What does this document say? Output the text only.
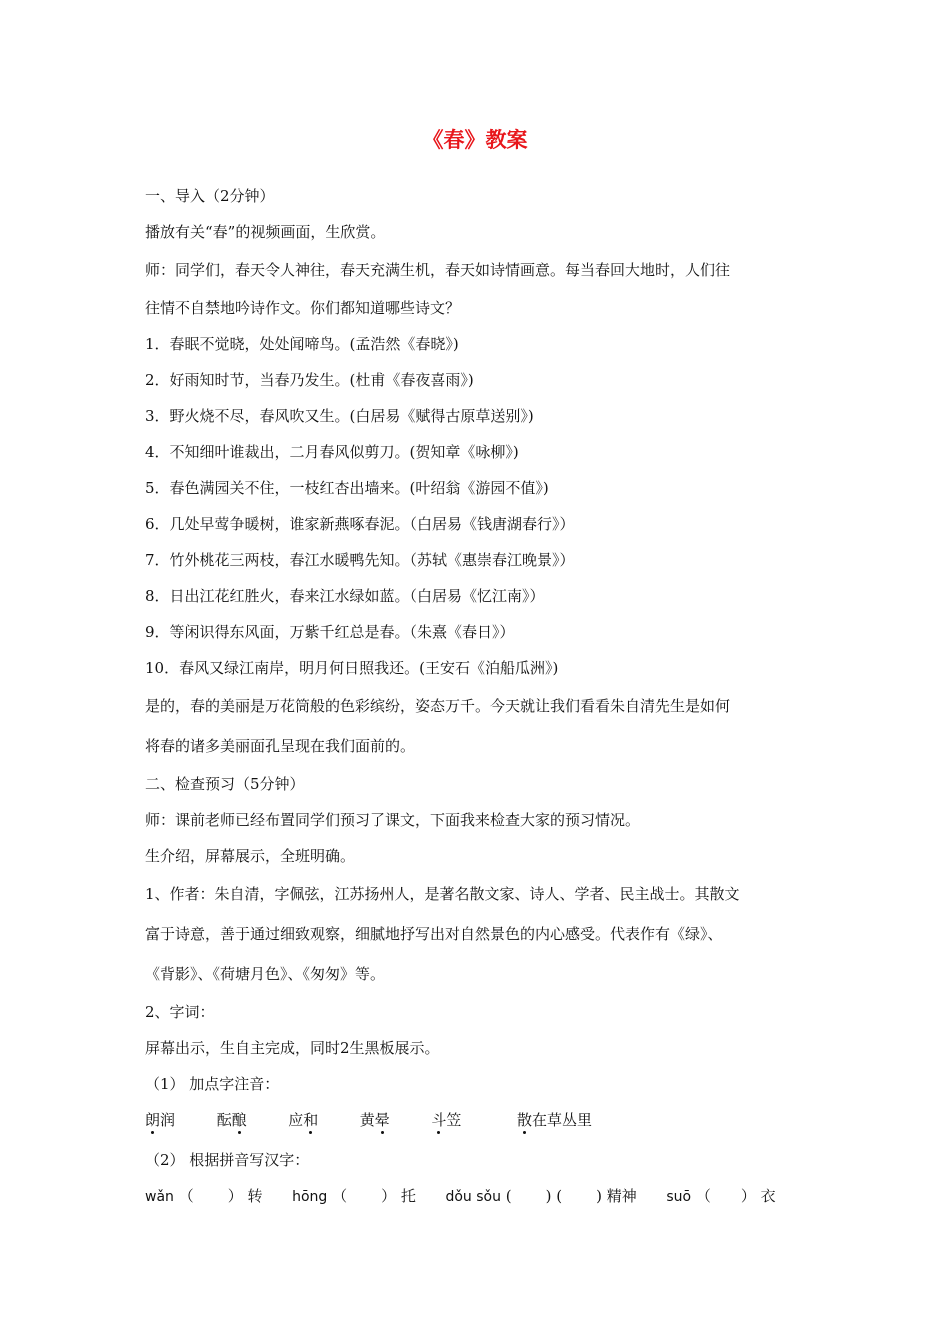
《春》教案
一、导入（2分钟）
播放有关“春”的视频画面，生欣赏。
师：同学们，春天令人神往，春天充满生机，春天如诗情画意。每当春回大地时，人们往
往情不自禁地吟诗作文。你们都知道哪些诗文？
1．春眠不觉晓，处处闻啼鸟。(孟浩然《春晓》)
2．好雨知时节，当春乃发生。(杜甫《春夜喜雨》)
3．野火烧不尽，春风吹又生。(白居易《赋得古原草送别》)
4．不知细叶谁裁出，二月春风似剪刀。(贺知章《咏柳》)
5．春色满园关不住，一枝红杏出墙来。(叶绍翁《游园不值》)
6．几处早莺争暖树，谁家新燕啄春泥。（白居易《钱唐湖春行》）
7．竹外桃花三两枝，春江水暖鸭先知。（苏轼《惠崇春江晚景》）
8．日出江花红胜火，春来江水绿如蓝。（白居易《忆江南》）
9．等闲识得东风面，万紫千红总是春。（朱熹《春日》）
10．春风又绿江南岸，明月何日照我还。(王安石《泊船瓜洲》)
是的，春的美丽是万花筒般的色彩缤纷，姿态万千。今天就让我们看看朱自清先生是如何
将春的诸多美丽面孔呈现在我们面前的。
二、检查预习（5分钟）
师：课前老师已经布置同学们预习了课文，下面我来检查大家的预习情况。
生介绍，屏幕展示，全班明确。
1、作者：朱自清，字佩弦，江苏扬州人，是著名散文家、诗人、学者、民主战士。其散文
富于诗意，善于通过细致观察，细腻地抒写出对自然景色的内心感受。代表作有《绿》、
《背影》、《荷塘月色》、《匆匆》等。
2、字词：
屏幕出示，生自主完成，同时2生黑板展示。
（1） 加点字注音：
朗润	酝酿	应和	黄晕	斗笠	散在草丛里
（2） 根据拼音写汉字：
wǎn （ ） 转 hōng （ ） 托 dǒu sǒu ( ) ( ) 精神 suō （ ） 衣
